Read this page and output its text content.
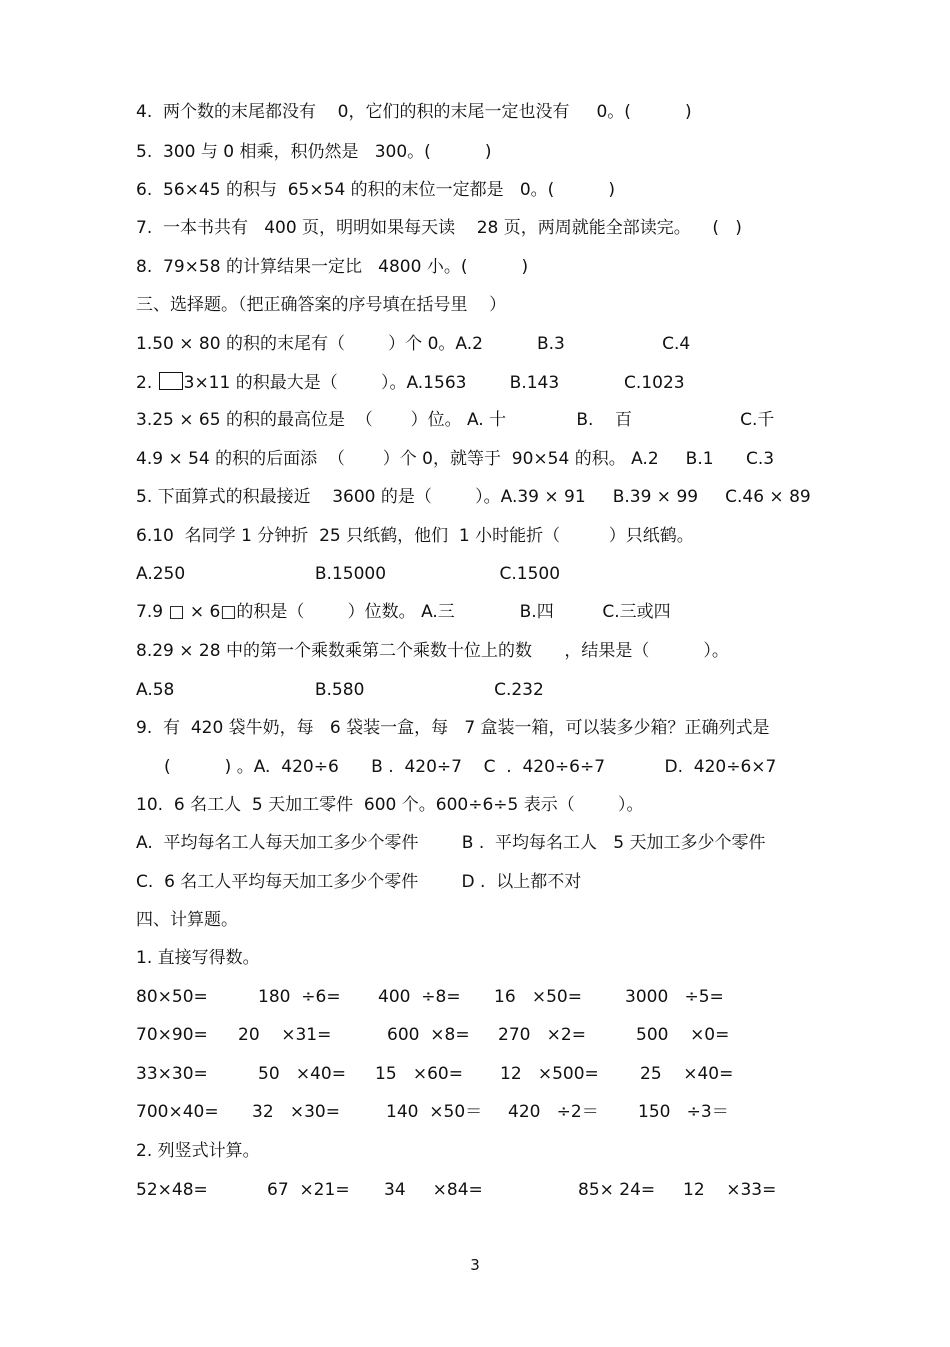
4.  两个数的末尾都没有    0，它们的积的末尾一定也没有     0。(          )
5.  300 与 0 相乘，积仍然是   300。(          )
6.  56×45 的积与  65×54 的积的末位一定都是   0。(          )
7.  一本书共有   400 页，明明如果每天读    28 页，两周就能全部读完。    (   )
8.  79×58 的计算结果一定比   4800 小。(          )
三、选择题。（把正确答案的序号填在括号里    ）
1.50 × 80 的积的末尾有（        ）个 0。A.2          B.3                  C.4
2. 3×11 的积最大是（        ）。A.1563        B.143            C.1023
3.25 × 65 的积的最高位是  （       ）位。 A. 十             B.    百                    C.千
4.9 × 54 的积的后面添  （       ）个 0，就等于  90×54 的积。 A.2     B.1      C.3
5. 下面算式的积最接近    3600 的是（        ）。A.39 × 91     B.39 × 99     C.46 × 89
6.10  名同学 1 分钟折  25 只纸鹤，他们  1 小时能折（         ）只纸鹤。
A.250                        B.15000                     C.1500
7.9 □ × 6□的积是（        ）位数。 A.三            B.四         C.三或四
8.29 × 28 中的第一个乘数乘第二个乘数十位上的数      ，结果是（          ）。
A.58                          B.580                        C.232
9.  有  420 袋牛奶，每   6 袋装一盒，每   7 盒装一箱，可以装多少箱？正确列式是
(          ) 。A.  420÷6      B .  420÷7    C  .  420÷6÷7           D.  420÷6×7
10.  6 名工人  5 天加工零件  600 个。600÷6÷5 表示（        ）。
A.  平均每名工人每天加工多少个零件        B .  平均每名工人   5 天加工多少个零件
C.  6 名工人平均每天加工多少个零件        D .  以上都不对
四、计算题。
1. 直接写得数。
80×50=	180  ÷6= 400  ÷8= 16   ×50=	3000   ÷5=
70×90= 20    ×31=	600  ×8= 270   ×2=	500    ×0=
33×30=	50   ×40= 15   ×60= 12   ×500= 25    ×40=
700×40= 32   ×30=	140  ×50＝ 420   ÷2＝ 150   ÷3＝
2. 列竖式计算。
52×48=	67  ×21= 34     ×84=	85× 24= 12    ×33=
3
